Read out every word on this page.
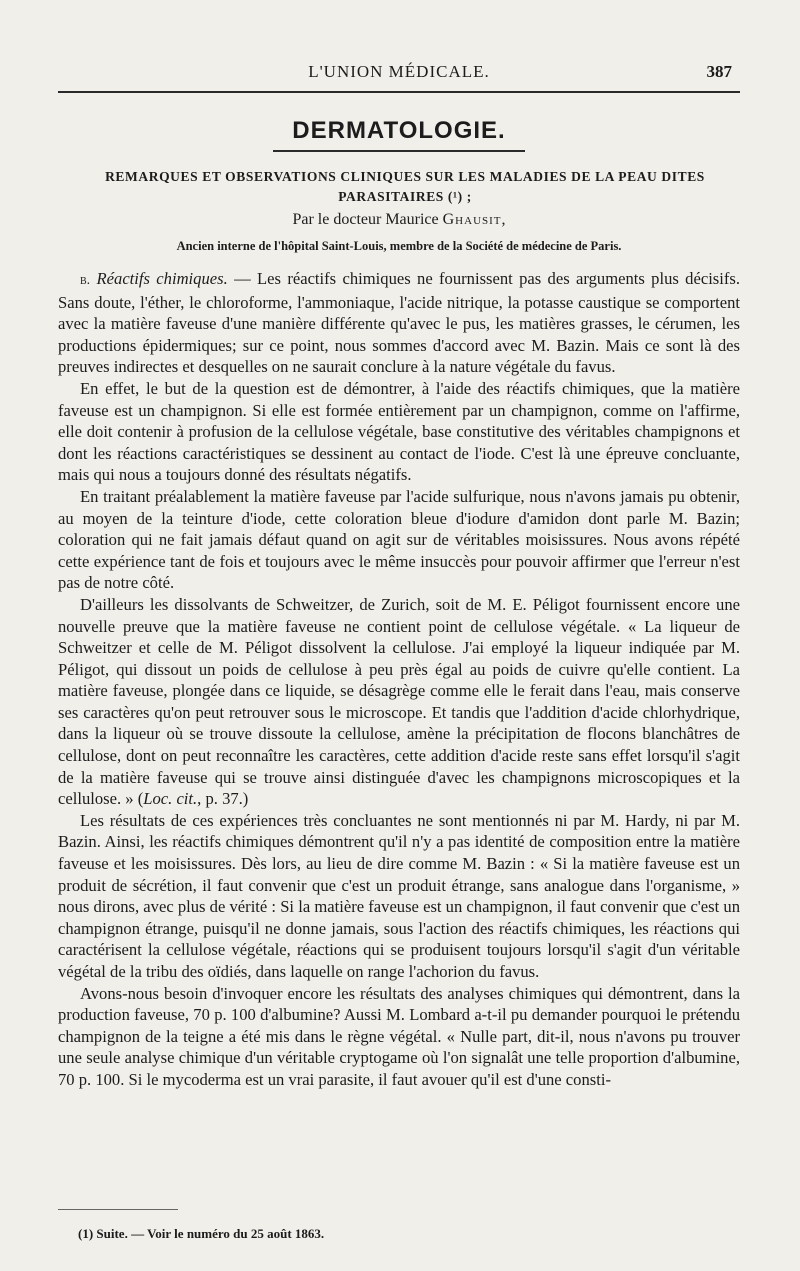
L'UNION MÉDICALE.	387
DERMATOLOGIE.
REMARQUES ET OBSERVATIONS CLINIQUES SUR LES MALADIES DE LA PEAU DITES PARASITAIRES (¹) ;
Par le docteur Maurice Ghausit,
Ancien interne de l'hôpital Saint-Louis, membre de la Société de médecine de Paris.

b. Réactifs chimiques. — Les réactifs chimiques ne fournissent pas des arguments plus décisifs. Sans doute, l'éther, le chloroforme, l'ammoniaque, l'acide nitrique, la potasse caustique se comportent avec la matière faveuse d'une manière différente qu'avec le pus, les matières grasses, le cérumen, les productions épidermiques; sur ce point, nous sommes d'accord avec M. Bazin. Mais ce sont là des preuves indirectes et desquelles on ne saurait conclure à la nature végétale du favus.

En effet, le but de la question est de démontrer, à l'aide des réactifs chimiques, que la matière faveuse est un champignon. Si elle est formée entièrement par un champignon, comme on l'affirme, elle doit contenir à profusion de la cellulose végétale, base constitutive des véritables champignons et dont les réactions caractéristiques se dessinent au contact de l'iode. C'est là une épreuve concluante, mais qui nous a toujours donné des résultats négatifs.

En traitant préalablement la matière faveuse par l'acide sulfurique, nous n'avons jamais pu obtenir, au moyen de la teinture d'iode, cette coloration bleue d'iodure d'amidon dont parle M. Bazin; coloration qui ne fait jamais défaut quand on agit sur de véritables moisissures. Nous avons répété cette expérience tant de fois et toujours avec le même insuccès pour pouvoir affirmer que l'erreur n'est pas de notre côté.

D'ailleurs les dissolvants de Schweitzer, de Zurich, soit de M. E. Péligot fournissent encore une nouvelle preuve que la matière faveuse ne contient point de cellulose végétale. « La liqueur de Schweitzer et celle de M. Péligot dissolvent la cellulose. J'ai employé la liqueur indiquée par M. Péligot, qui dissout un poids de cellulose à peu près égal au poids de cuivre qu'elle contient. La matière faveuse, plongée dans ce liquide, se désagrège comme elle le ferait dans l'eau, mais conserve ses caractères qu'on peut retrouver sous le microscope. Et tandis que l'addition d'acide chlorhydrique, dans la liqueur où se trouve dissoute la cellulose, amène la précipitation de flocons blanchâtres de cellulose, dont on peut reconnaître les caractères, cette addition d'acide reste sans effet lorsqu'il s'agit de la matière faveuse qui se trouve ainsi distinguée d'avec les champignons microscopiques et la cellulose. » (Loc. cit., p. 37.)

Les résultats de ces expériences très concluantes ne sont mentionnés ni par M. Hardy, ni par M. Bazin. Ainsi, les réactifs chimiques démontrent qu'il n'y a pas identité de composition entre la matière faveuse et les moisissures. Dès lors, au lieu de dire comme M. Bazin : « Si la matière faveuse est un produit de sécrétion, il faut convenir que c'est un produit étrange, sans analogue dans l'organisme, » nous dirons, avec plus de vérité : Si la matière faveuse est un champignon, il faut convenir que c'est un champignon étrange, puisqu'il ne donne jamais, sous l'action des réactifs chimiques, les réactions qui caractérisent la cellulose végétale, réactions qui se produisent toujours lorsqu'il s'agit d'un véritable végétal de la tribu des oïdiés, dans laquelle on range l'achorion du favus.

Avons-nous besoin d'invoquer encore les résultats des analyses chimiques qui démontrent, dans la production faveuse, 70 p. 100 d'albumine? Aussi M. Lombard a-t-il pu demander pourquoi le prétendu champignon de la teigne a été mis dans le règne végétal. « Nulle part, dit-il, nous n'avons pu trouver une seule analyse chimique d'un véritable cryptogame où l'on signalât une telle proportion d'albumine, 70 p. 100. Si le mycoderma est un vrai parasite, il faut avouer qu'il est d'une consti-

(1) Suite. — Voir le numéro du 25 août 1863.
